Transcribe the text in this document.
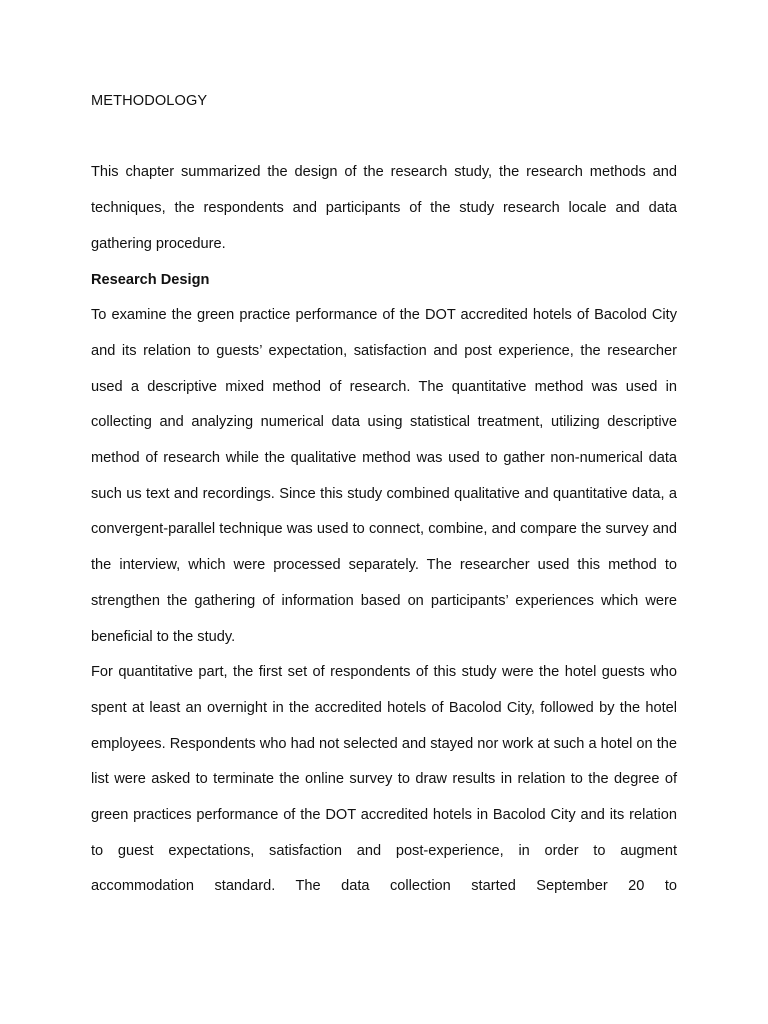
METHODOLOGY

This chapter summarized the design of the research study, the research methods and techniques, the respondents and participants of the study research locale and data gathering procedure.

Research Design

To examine the green practice performance of the DOT accredited hotels of Bacolod City and its relation to guests’ expectation, satisfaction and post experience, the researcher used a descriptive mixed method of research. The quantitative method was used in collecting and analyzing numerical data using statistical treatment, utilizing descriptive method of research while the qualitative method was used to gather non-numerical data such us text and recordings. Since this study combined qualitative and quantitative data, a convergent-parallel technique was used to connect, combine, and compare the survey and the interview, which were processed separately. The researcher used this method to strengthen the gathering of information based on participants’ experiences which were beneficial to the study.

For quantitative part, the first set of respondents of this study were the hotel guests who spent at least an overnight in the accredited hotels of Bacolod City, followed by the hotel employees. Respondents who had not selected and stayed nor work at such a hotel on the list were asked to terminate the online survey to draw results in relation to the degree of green practices performance of the DOT accredited hotels in Bacolod City and its relation to guest expectations, satisfaction and post-experience, in order to augment accommodation standard. The data collection started September 20 to
